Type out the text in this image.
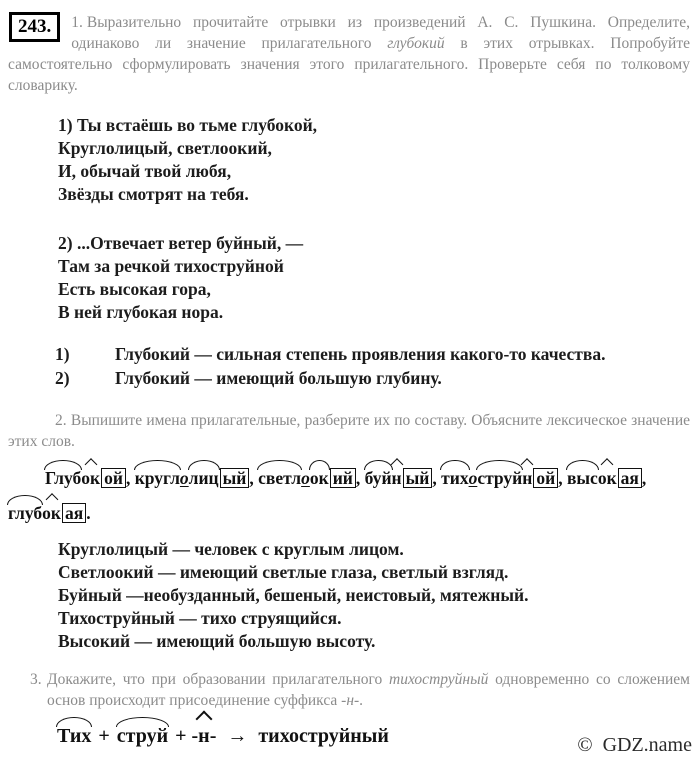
243.	1. Выразительно прочитайте отрывки из произведений А. С. Пушкина. Определите, одинаково ли значение прилагательного глубокий в этих отрывках. Попробуйте самостоятельно сформулировать значения этого прилагательного. Проверьте себя по толковому словарику.

1) Ты встаёшь во тьме глубокой,
Круглолицый, светлоокий,
И, обычай твой любя,
Звёзды смотрят на тебя.
2) ...Отвечает ветер буйный, —
Там за речкой тихоструйной
Есть высокая гора,
В ней глубокая нора.
1)	Глубокий — сильная степень проявления какого-то качества.
2)	Глубокий — имеющий большую глубину.

2. Выпишите имена прилагательные, разберите их по составу. Объясните лексическое значение этих слов.

Глубок ой , круглолиц ый , светлоок ий , буйн ый , тихоструйн ой , высок ая ,
глубок ая .
Круглолицый — человек с круглым лицом.
Светлоокий — имеющий светлые глаза, светлый взгляд.
Буйный —необузданный, бешеный, неистовый, мятежный.
Тихоструйный — тихо струящийся.
Высокий — имеющий большую высоту.
3. Докажите, что при образовании прилагательного тихоструйный одновременно со сложением основ происходит присоединение суффикса -н-.
Тих + струй + -н- → тихоструйный	© GDZ.name
